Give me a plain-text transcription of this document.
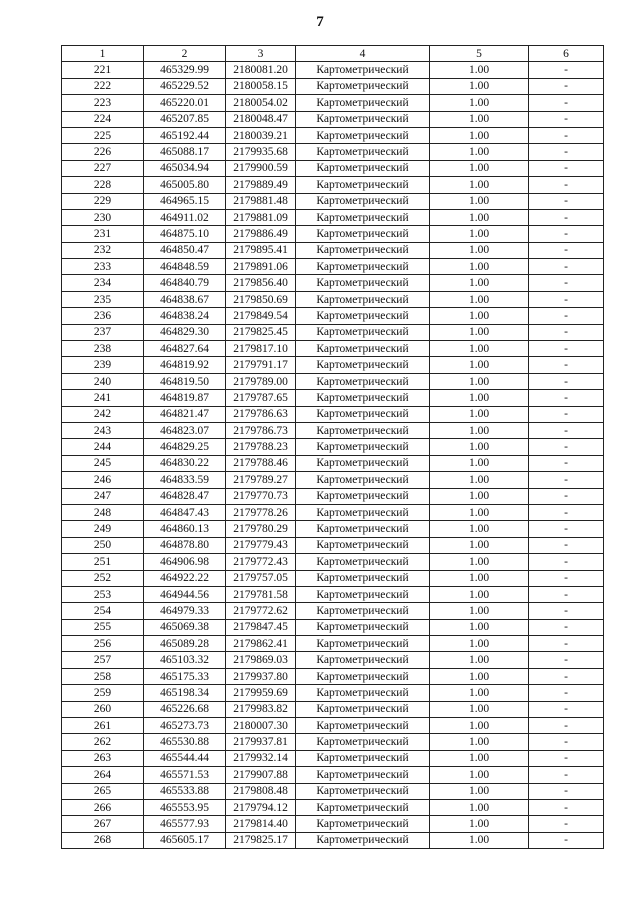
7
1	2	3	4	5	6
221	465329.99	2180081.20	Картометрический	1.00	-
222	465229.52	2180058.15	Картометрический	1.00	-
223	465220.01	2180054.02	Картометрический	1.00	-
224	465207.85	2180048.47	Картометрический	1.00	-
225	465192.44	2180039.21	Картометрический	1.00	-
226	465088.17	2179935.68	Картометрический	1.00	-
227	465034.94	2179900.59	Картометрический	1.00	-
228	465005.80	2179889.49	Картометрический	1.00	-
229	464965.15	2179881.48	Картометрический	1.00	-
230	464911.02	2179881.09	Картометрический	1.00	-
231	464875.10	2179886.49	Картометрический	1.00	-
232	464850.47	2179895.41	Картометрический	1.00	-
233	464848.59	2179891.06	Картометрический	1.00	-
234	464840.79	2179856.40	Картометрический	1.00	-
235	464838.67	2179850.69	Картометрический	1.00	-
236	464838.24	2179849.54	Картометрический	1.00	-
237	464829.30	2179825.45	Картометрический	1.00	-
238	464827.64	2179817.10	Картометрический	1.00	-
239	464819.92	2179791.17	Картометрический	1.00	-
240	464819.50	2179789.00	Картометрический	1.00	-
241	464819.87	2179787.65	Картометрический	1.00	-
242	464821.47	2179786.63	Картометрический	1.00	-
243	464823.07	2179786.73	Картометрический	1.00	-
244	464829.25	2179788.23	Картометрический	1.00	-
245	464830.22	2179788.46	Картометрический	1.00	-
246	464833.59	2179789.27	Картометрический	1.00	-
247	464828.47	2179770.73	Картометрический	1.00	-
248	464847.43	2179778.26	Картометрический	1.00	-
249	464860.13	2179780.29	Картометрический	1.00	-
250	464878.80	2179779.43	Картометрический	1.00	-
251	464906.98	2179772.43	Картометрический	1.00	-
252	464922.22	2179757.05	Картометрический	1.00	-
253	464944.56	2179781.58	Картометрический	1.00	-
254	464979.33	2179772.62	Картометрический	1.00	-
255	465069.38	2179847.45	Картометрический	1.00	-
256	465089.28	2179862.41	Картометрический	1.00	-
257	465103.32	2179869.03	Картометрический	1.00	-
258	465175.33	2179937.80	Картометрический	1.00	-
259	465198.34	2179959.69	Картометрический	1.00	-
260	465226.68	2179983.82	Картометрический	1.00	-
261	465273.73	2180007.30	Картометрический	1.00	-
262	465530.88	2179937.81	Картометрический	1.00	-
263	465544.44	2179932.14	Картометрический	1.00	-
264	465571.53	2179907.88	Картометрический	1.00	-
265	465533.88	2179808.48	Картометрический	1.00	-
266	465553.95	2179794.12	Картометрический	1.00	-
267	465577.93	2179814.40	Картометрический	1.00	-
268	465605.17	2179825.17	Картометрический	1.00	-
